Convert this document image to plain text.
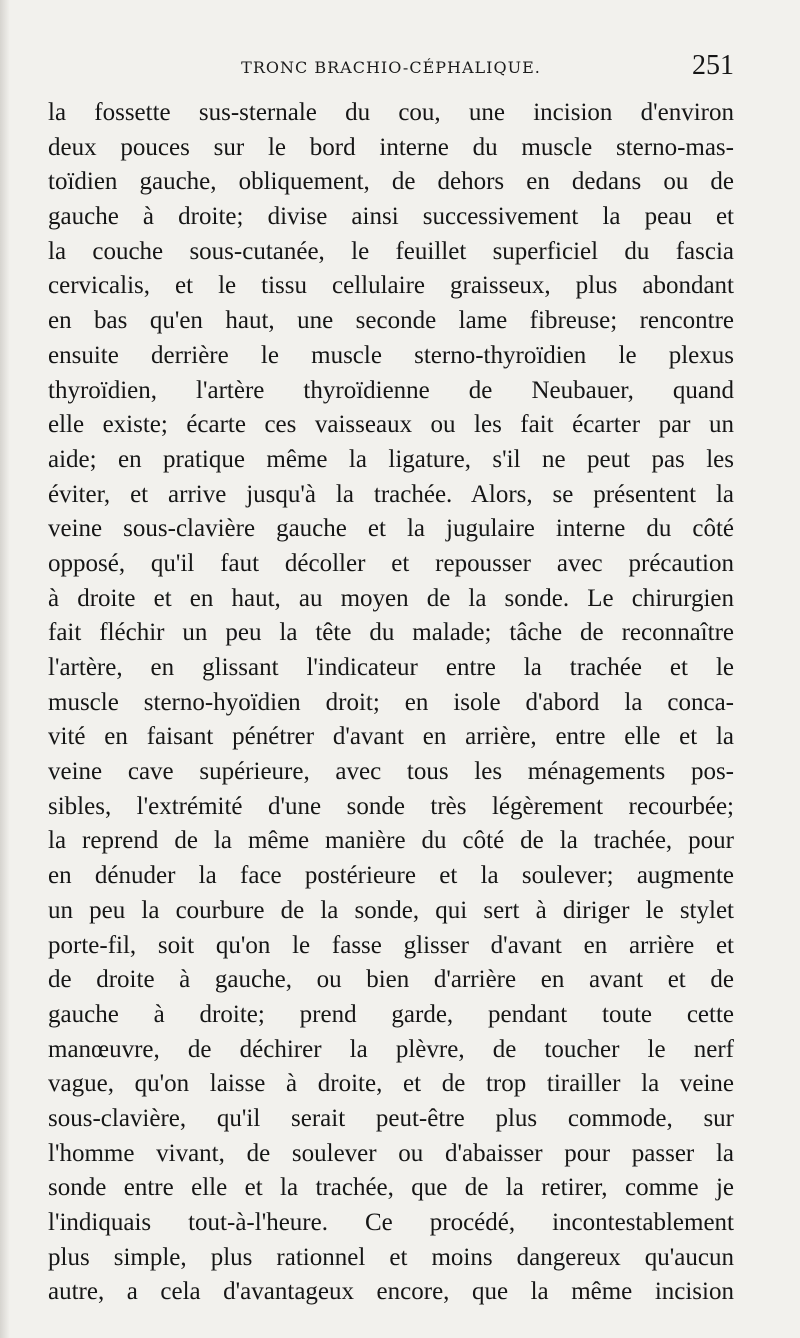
TRONC BRACHIO-CÉPHALIQUE.	251
la fossette sus-sternale du cou, une incision d'environ
deux pouces sur le bord interne du muscle sterno-mas-
toïdien gauche, obliquement, de dehors en dedans ou de
gauche à droite; divise ainsi successivement la peau et
la couche sous-cutanée, le feuillet superficiel du fascia
cervicalis, et le tissu cellulaire graisseux, plus abondant
en bas qu'en haut, une seconde lame fibreuse; rencontre
ensuite derrière le muscle sterno-thyroïdien le plexus
thyroïdien, l'artère thyroïdienne de Neubauer, quand
elle existe; écarte ces vaisseaux ou les fait écarter par un
aide; en pratique même la ligature, s'il ne peut pas les
éviter, et arrive jusqu'à la trachée. Alors, se présentent la
veine sous-clavière gauche et la jugulaire interne du côté
opposé, qu'il faut décoller et repousser avec précaution
à droite et en haut, au moyen de la sonde. Le chirurgien
fait fléchir un peu la tête du malade; tâche de reconnaître
l'artère, en glissant l'indicateur entre la trachée et le
muscle sterno-hyoïdien droit; en isole d'abord la conca-
vité en faisant pénétrer d'avant en arrière, entre elle et la
veine cave supérieure, avec tous les ménagements pos-
sibles, l'extrémité d'une sonde très légèrement recourbée;
la reprend de la même manière du côté de la trachée, pour
en dénuder la face postérieure et la soulever; augmente
un peu la courbure de la sonde, qui sert à diriger le stylet
porte-fil, soit qu'on le fasse glisser d'avant en arrière et
de droite à gauche, ou bien d'arrière en avant et de
gauche à droite; prend garde, pendant toute cette
manœuvre, de déchirer la plèvre, de toucher le nerf
vague, qu'on laisse à droite, et de trop tirailler la veine
sous-clavière, qu'il serait peut-être plus commode, sur
l'homme vivant, de soulever ou d'abaisser pour passer la
sonde entre elle et la trachée, que de la retirer, comme je
l'indiquais tout-à-l'heure. Ce procédé, incontestablement
plus simple, plus rationnel et moins dangereux qu'aucun
autre, a cela d'avantageux encore, que la même incision
